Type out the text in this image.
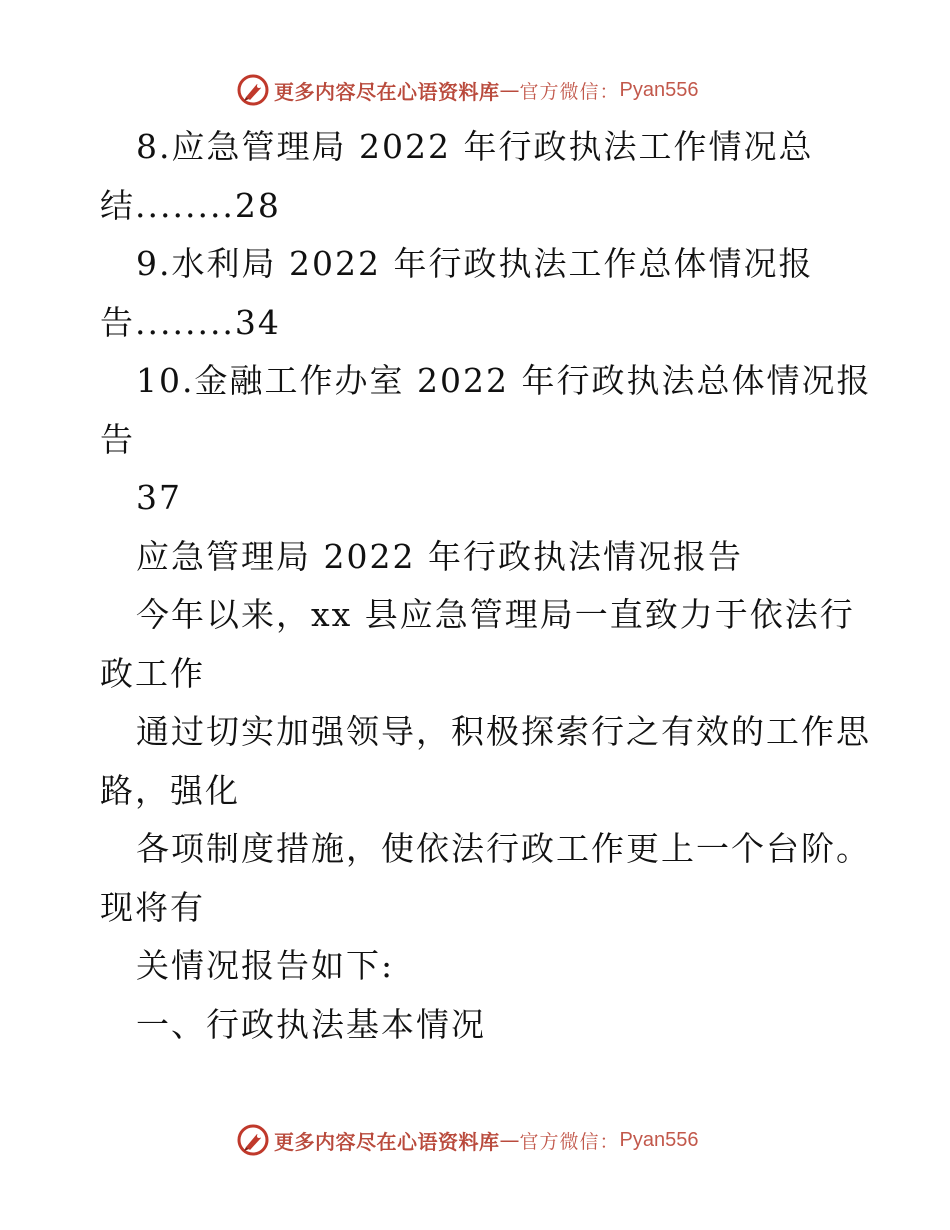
更多内容尽在心语资料库 — 官方微信： Pyan556
8.应急管理局 2022 年行政执法工作情况总
结........28
9.水利局 2022 年行政执法工作总体情况报
告........34
10.金融工作办室 2022 年行政执法总体情况报
告
37
应急管理局 2022 年行政执法情况报告
今年以来，xx 县应急管理局一直致力于依法行
政工作
通过切实加强领导，积极探索行之有效的工作思
路，强化
各项制度措施，使依法行政工作更上一个台阶。
现将有
关情况报告如下:
一、行政执法基本情况
更多内容尽在心语资料库 — 官方微信： Pyan556
